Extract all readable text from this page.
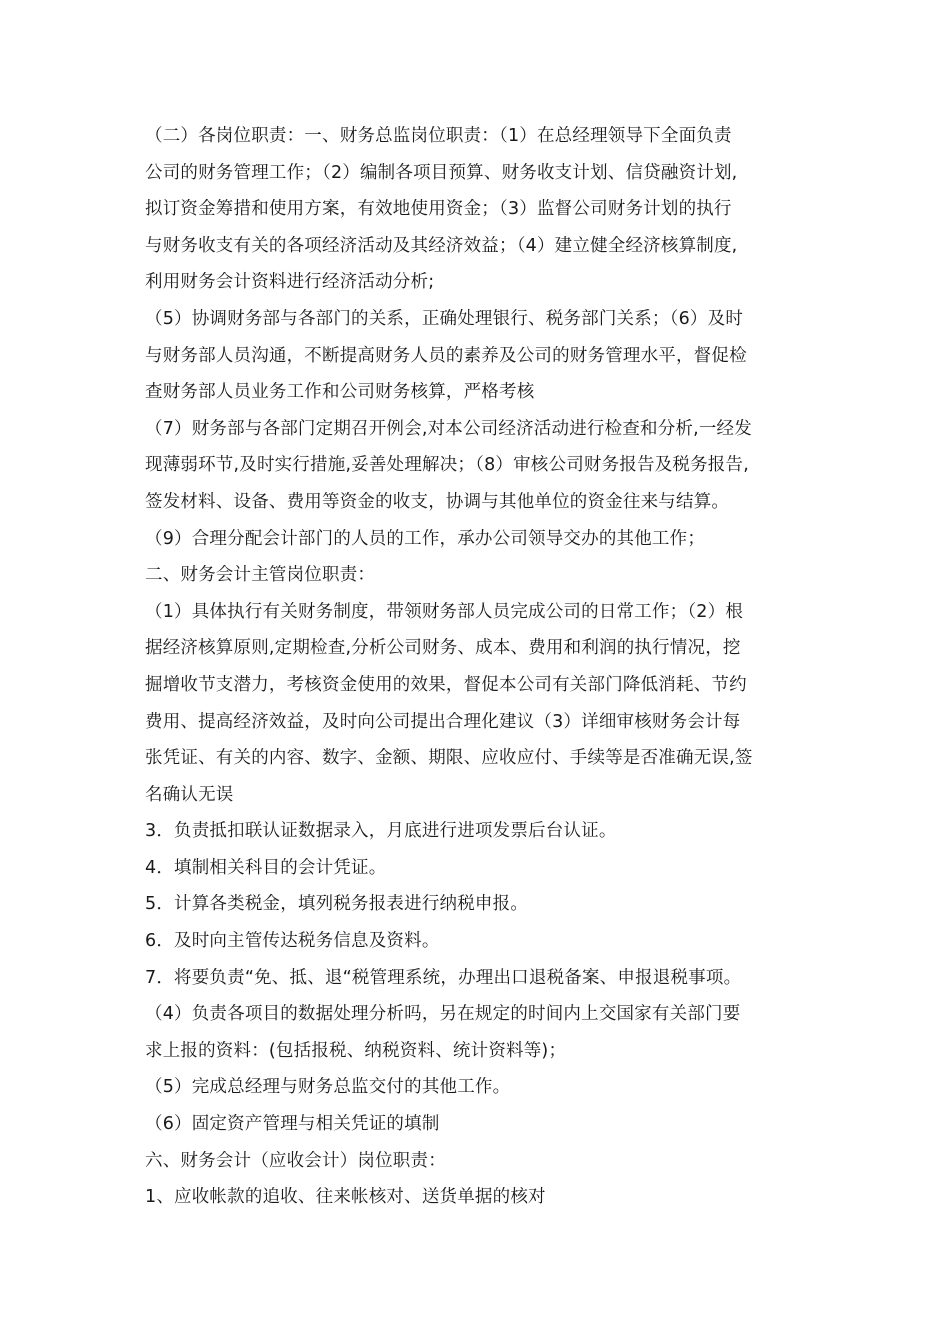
（二）各岗位职责：一、财务总监岗位职责：（1）在总经理领导下全面负责
公司的财务管理工作；（2）编制各项目预算、财务收支计划、信贷融资计划,
拟订资金筹措和使用方案，有效地使用资金；（3）监督公司财务计划的执行
与财务收支有关的各项经济活动及其经济效益；（4）建立健全经济核算制度,
利用财务会计资料进行经济活动分析;
（5）协调财务部与各部门的关系，正确处理银行、税务部门关系；（6）及时
与财务部人员沟通，不断提高财务人员的素养及公司的财务管理水平，督促检
查财务部人员业务工作和公司财务核算，严格考核
（7）财务部与各部门定期召开例会,对本公司经济活动进行检查和分析,一经发
现薄弱环节,及时实行措施,妥善处理解决；（8）审核公司财务报告及税务报告,
签发材料、设备、费用等资金的收支，协调与其他单位的资金往来与结算。
（9）合理分配会计部门的人员的工作，承办公司领导交办的其他工作；
二、财务会计主管岗位职责：
（1）具体执行有关财务制度，带领财务部人员完成公司的日常工作；（2）根
据经济核算原则,定期检查,分析公司财务、成本、费用和利润的执行情况，挖
掘增收节支潜力，考核资金使用的效果，督促本公司有关部门降低消耗、节约
费用、提高经济效益，及时向公司提出合理化建议（3）详细审核财务会计每
张凭证、有关的内容、数字、金额、期限、应收应付、手续等是否准确无误,签
名确认无误
3．负责抵扣联认证数据录入，月底进行进项发票后台认证。
4．填制相关科目的会计凭证。
5．计算各类税金，填列税务报表进行纳税申报。
6．及时向主管传达税务信息及资料。
7．将要负责“免、抵、退“税管理系统，办理出口退税备案、申报退税事项。
（4）负责各项目的数据处理分析吗，另在规定的时间内上交国家有关部门要
求上报的资料：(包括报税、纳税资料、统计资料等)；
（5）完成总经理与财务总监交付的其他工作。
（6）固定资产管理与相关凭证的填制
六、财务会计（应收会计）岗位职责：
1、应收帐款的追收、往来帐核对、送货单据的核对
